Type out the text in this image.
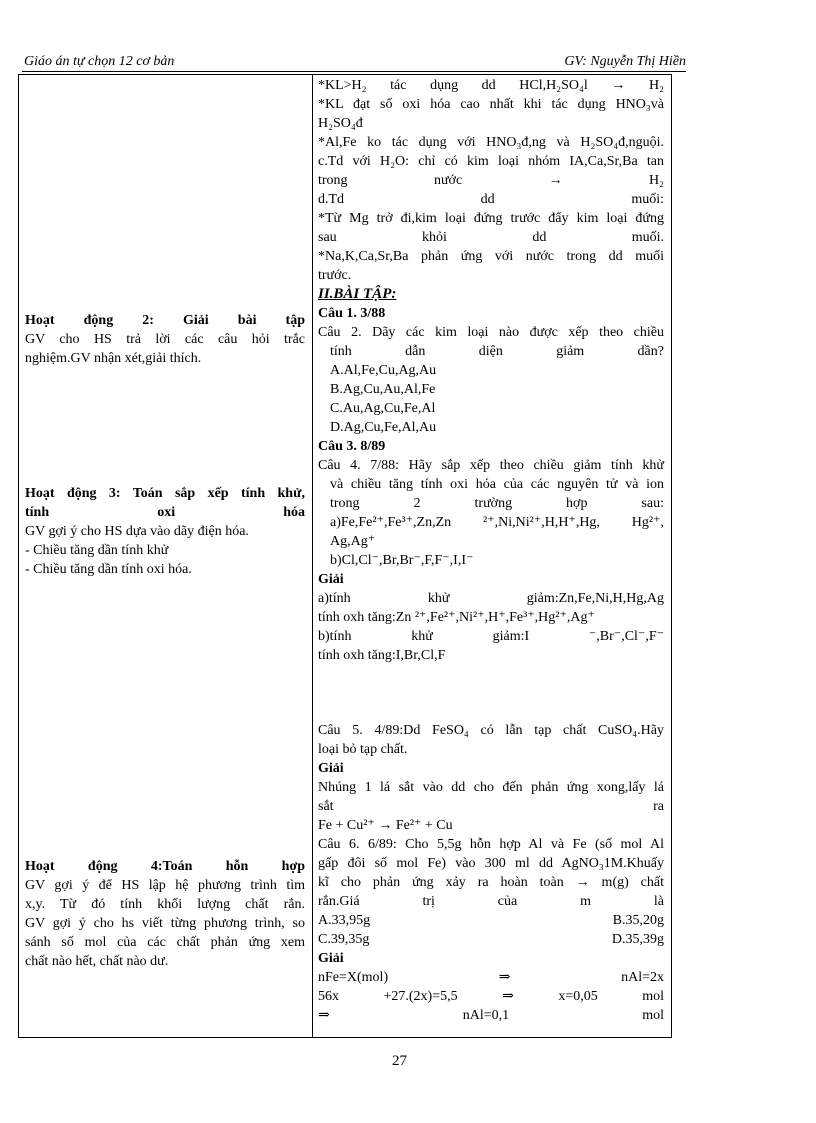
Giáo án tự chọn 12 cơ bản	GV: Nguyễn Thị Hiền

Hoạt động 2: Giải bài tập

GV cho HS trả lời các câu hỏi trắc

nghiệm.GV nhận xét,giải thích.

Hoạt động 3: Toán sắp xếp tính khử,

tính oxi hóa

GV gợi ý cho HS dựa vào dãy điện hóa.

- Chiều tăng dần tính khử

- Chiều tăng dần tính oxi hóa.

Hoạt động 4:Toán hỗn hợp

GV gợi ý để HS lập hệ phương trình tìm

x,y. Từ đó tính khối lượng chất rắn.

GV gợi ý cho hs viết từng phương trình, so

sánh số mol của các chất phản ứng xem

chất nào hết, chất nào dư.

*KL>H₂ tác dụng dd HCl,H₂SO₄l → H₂

*KL đạt số oxi hóa cao nhất khi tác dụng HNO₃và

H₂SO₄đ

*Al,Fe ko tác dụng với HNO₃đ,ng và H₂SO₄đ,nguội.

c.Td với H₂O: chỉ có kim loại nhóm IA,Ca,Sr,Ba tan

trong nước → H₂

d.Td dd muối:

*Từ Mg trở đi,kim loại đứng trước đẩy kim loại đứng

sau khỏi dd muối.

*Na,K,Ca,Sr,Ba phản ứng với nước trong dd muối

trước.

II.BÀI TẬP:

Câu 1. 3/88

Câu 2. Dãy các kim loại nào được xếp theo chiều

tính dẫn diện giảm dần?

A.Al,Fe,Cu,Ag,Au

B.Ag,Cu,Au,Al,Fe

C.Au,Ag,Cu,Fe,Al

D.Ag,Cu,Fe,Al,Au

Câu 3. 8/89

Câu 4. 7/88: Hãy sắp xếp theo chiều giảm tính khử

và chiều tăng tính oxi hóa của các nguyên tử và ion

trong 2 trường hợp sau:

a)Fe,Fe²⁺,Fe³⁺,Zn,Zn ²⁺,Ni,Ni²⁺,H,H⁺,Hg, Hg²⁺,

Ag,Ag⁺

b)Cl,Cl⁻,Br,Br⁻,F,F⁻,I,I⁻

Giải

a)tính khử giảm:Zn,Fe,Ni,H,Hg,Ag

tính oxh tăng:Zn ²⁺,Fe²⁺,Ni²⁺,H⁺,Fe³⁺,Hg²⁺,Ag⁺

b)tính khử giảm:I ⁻,Br⁻,Cl⁻,F⁻

tính oxh tăng:I,Br,Cl,F

Câu 5. 4/89:Dd FeSO₄ có lẫn tạp chất CuSO₄.Hãy

loại bỏ tạp chất.

Giải

Nhúng 1 lá sắt vào dd cho đến phản ứng xong,lấy lá

sắt ra

Fe + Cu²⁺ → Fe²⁺ + Cu

Câu 6. 6/89: Cho 5,5g hỗn hợp Al và Fe (số mol Al

gấp đôi số mol Fe) vào 300 ml dd AgNO₃1M.Khuấy

kĩ cho phản ứng xảy ra hoàn toàn → m(g) chất

rắn.Giá trị của m là

A.33,95g	B.35,20g

C.39,35g	D.35,39g

Giải

nFe=X(mol) ⇒ nAl=2x

56x +27.(2x)=5,5 ⇒ x=0,05 mol

⇒ nAl=0,1 mol

27
